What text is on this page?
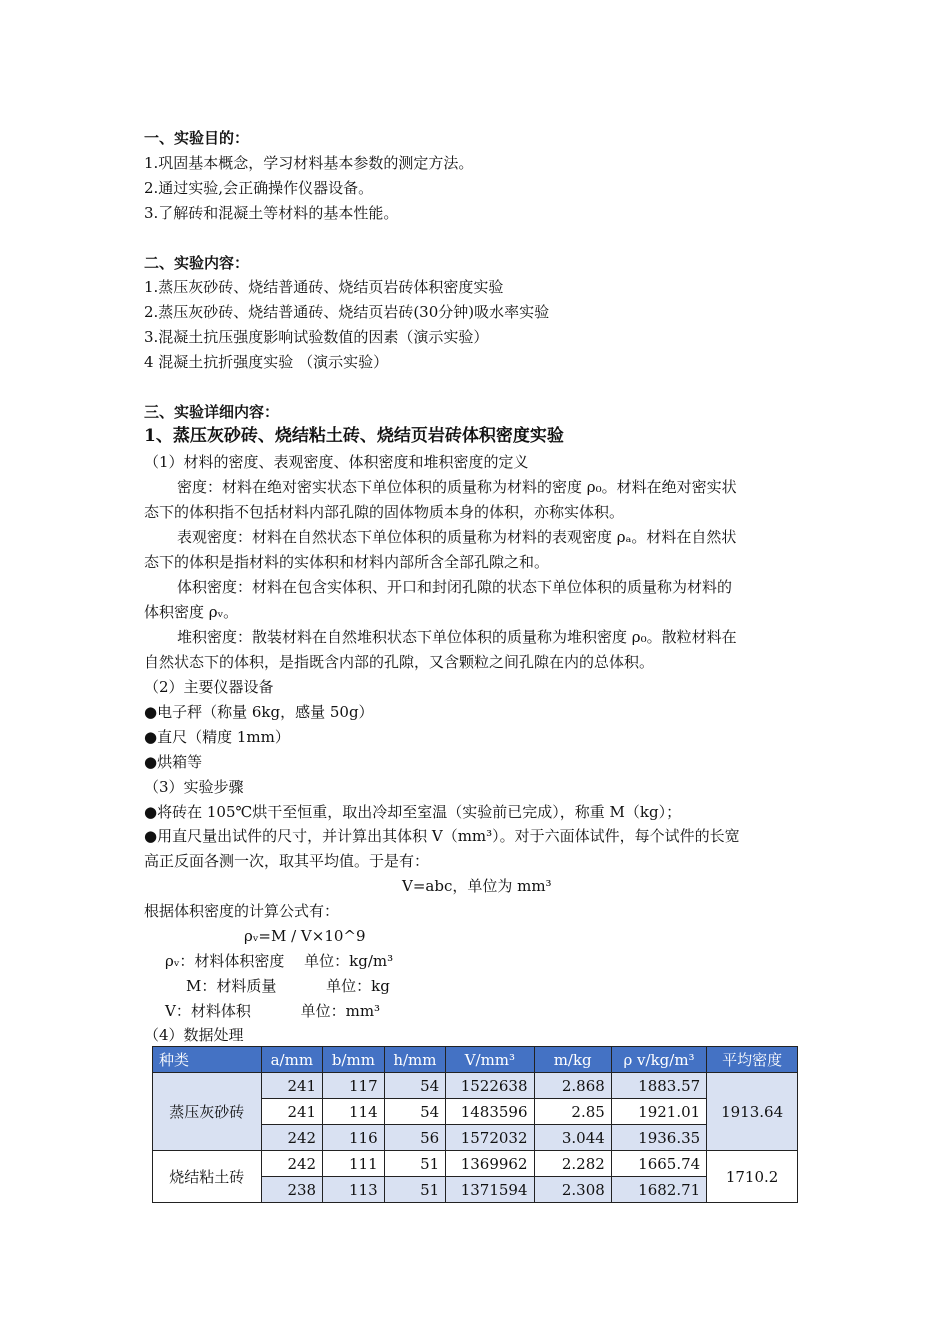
一、实验目的：
1.巩固基本概念，学习材料基本参数的测定方法。
2.通过实验,会正确操作仪器设备。
3.了解砖和混凝土等材料的基本性能。
二、实验内容：
1.蒸压灰砂砖、烧结普通砖、烧结页岩砖体积密度实验
2.蒸压灰砂砖、烧结普通砖、烧结页岩砖(30分钟)吸水率实验
3.混凝土抗压强度影响试验数值的因素（演示实验）
4 混凝土抗折强度实验 （演示实验）
三、实验详细内容：
1、蒸压灰砂砖、烧结粘土砖、烧结页岩砖体积密度实验
（1）材料的密度、表观密度、体积密度和堆积密度的定义
密度：材料在绝对密实状态下单位体积的质量称为材料的密度 ρ₀。材料在绝对密实状
态下的体积指不包括材料内部孔隙的固体物质本身的体积，亦称实体积。
表观密度：材料在自然状态下单位体积的质量称为材料的表观密度 ρₐ。材料在自然状
态下的体积是指材料的实体积和材料内部所含全部孔隙之和。
体积密度：材料在包含实体积、开口和封闭孔隙的状态下单位体积的质量称为材料的
体积密度 ρᵥ。
堆积密度：散装材料在自然堆积状态下单位体积的质量称为堆积密度 ρ₀。散粒材料在
自然状态下的体积，是指既含内部的孔隙，又含颗粒之间孔隙在内的总体积。
（2）主要仪器设备
●电子秤（称量 6kg，感量 50g）
●直尺（精度 1mm）
●烘箱等
（3）实验步骤
●将砖在 105℃烘干至恒重，取出冷却至室温（实验前已完成），称重 M（kg）；
●用直尺量出试件的尺寸，并计算出其体积 V（mm³）。对于六面体试件，每个试件的长宽
高正反面各测一次，取其平均值。于是有：
V=abc，单位为 mm³
根据体积密度的计算公式有：
ρᵥ=M / V×10^9
ρᵥ：材料体积密度　 单位：kg/m³
M：材料质量　　　 单位：kg
V：材料体积　　　 单位：mm³
（4）数据处理
种类	a/mm	b/mm	h/mm	V/mm³	m/kg	ρ v/kg/m³	平均密度
蒸压灰砂砖	241	117	54	1522638	2.868	1883.57	1913.64
	241	114	54	1483596	2.85	1921.01	
	242	116	56	1572032	3.044	1936.35	
烧结粘土砖	242	111	51	1369962	2.282	1665.74	1710.2
	238	113	51	1371594	2.308	1682.71	
